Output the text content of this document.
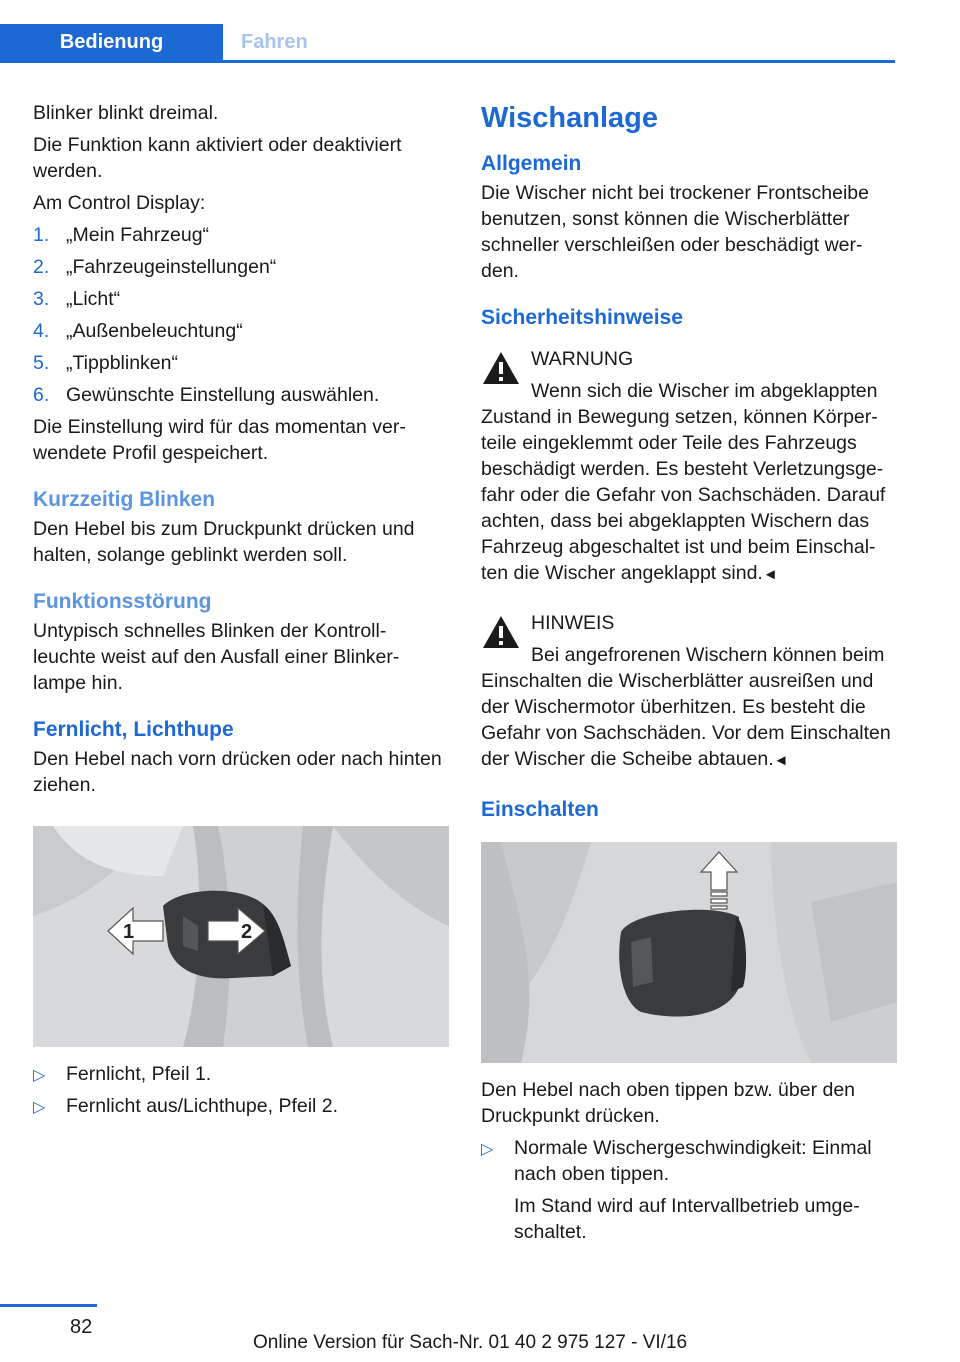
Bedienung	Fahren

Blinker blinkt dreimal.

Die Funktion kann aktiviert oder deaktiviert werden.

Am Control Display:

1. „Mein Fahrzeug“
2. „Fahrzeugeinstellungen“
3. „Licht“
4. „Außenbeleuchtung“
5. „Tippblinken“
6. Gewünschte Einstellung auswählen.

Die Einstellung wird für das momentan ver-wendete Profil gespeichert.

Kurzzeitig Blinken

Den Hebel bis zum Druckpunkt drücken und halten, solange geblinkt werden soll.

Funktionsstörung

Untypisch schnelles Blinken der Kontroll-leuchte weist auf den Ausfall einer Blinker-lampe hin.

Fernlicht, Lichthupe

Den Hebel nach vorn drücken oder nach hinten ziehen.

1	2
▷ Fernlicht, Pfeil 1.
▷ Fernlicht aus/Lichthupe, Pfeil 2.
Wischanlage
Allgemein

Die Wischer nicht bei trockener Frontscheibe benutzen, sonst können die Wischerblätter schneller verschleißen oder beschädigt wer-den.

Sicherheitshinweise
WARNUNG
Wenn sich die Wischer im abgeklappten Zustand in Bewegung setzen, können Körper-teile eingeklemmt oder Teile des Fahrzeugs beschädigt werden. Es besteht Verletzungsge-fahr oder die Gefahr von Sachschäden. Darauf achten, dass bei abgeklappten Wischern das Fahrzeug abgeschaltet ist und beim Einschal-ten die Wischer angeklappt sind.◄
HINWEIS
Bei angefrorenen Wischern können beim Einschalten die Wischerblätter ausreißen und der Wischermotor überhitzen. Es besteht die Gefahr von Sachschäden. Vor dem Einschalten der Wischer die Scheibe abtauen.◄
Einschalten

Den Hebel nach oben tippen bzw. über den Druckpunkt drücken.

▷ Normale Wischergeschwindigkeit: Einmal nach oben tippen.
Im Stand wird auf Intervallbetrieb umge-schaltet.
82
Online Version für Sach-Nr. 01 40 2 975 127 - VI/16
